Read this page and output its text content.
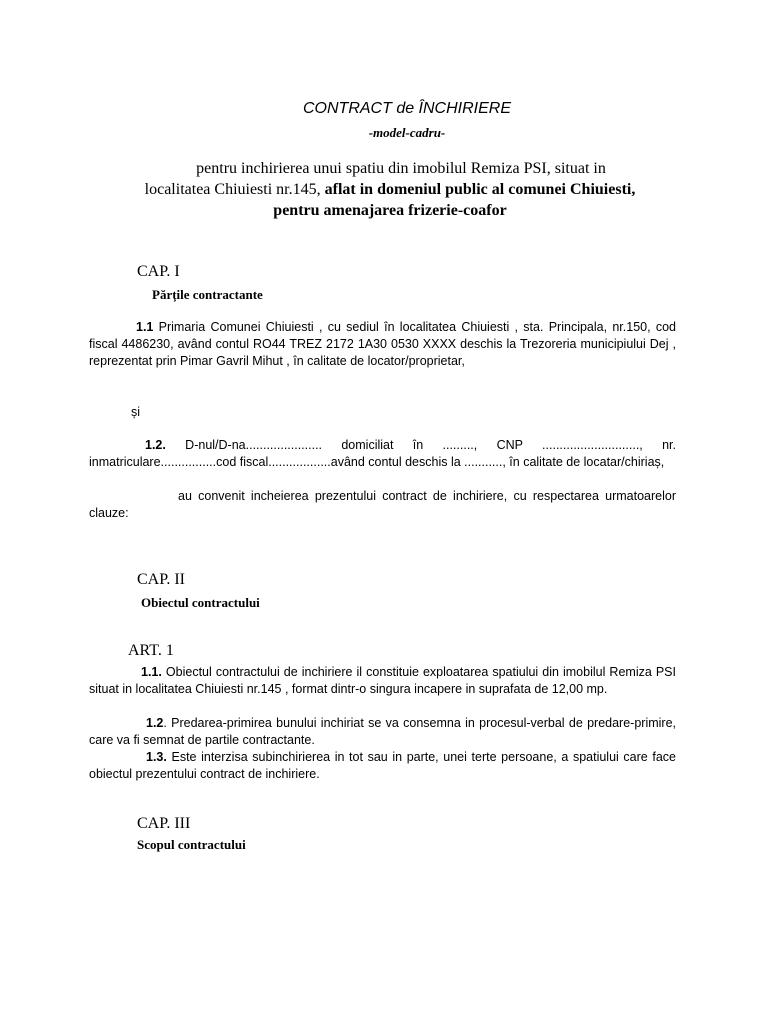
CONTRACT de ÎNCHIRIERE
-model-cadru-
pentru inchirierea unui spatiu din imobilul Remiza PSI, situat in
localitatea Chiuiesti nr.145, aflat in domeniul public al comunei Chiuiesti,
pentru amenajarea frizerie-coafor
CAP. I
Părțile contractante
1.1 Primaria Comunei Chiuiesti , cu sediul în localitatea Chiuiesti , sta. Principala, nr.150, cod fiscal 4486230, având contul RO44 TREZ 2172 1A30 0530 XXXX deschis la Trezoreria municipiului Dej , reprezentat prin Pimar Gavril Mihut , în calitate de locator/proprietar,
și
1.2. D-nul/D-na...................... domiciliat în ........., CNP ............................, nr. inmatriculare................cod fiscal..................având contul deschis la ..........., în calitate de locatar/chiriaș,
au convenit incheierea prezentului contract de inchiriere, cu respectarea urmatoarelor clauze:
CAP. II
Obiectul contractului
ART. 1
1.1. Obiectul contractului de inchiriere il constituie exploatarea spatiului din imobilul Remiza PSI situat in localitatea Chiuiesti nr.145 , format dintr-o singura incapere in suprafata de 12,00 mp.
1.2. Predarea-primirea bunului inchiriat se va consemna in procesul-verbal de predare-primire, care va fi semnat de partile contractante.
1.3. Este interzisa subinchirierea in tot sau in parte, unei terte persoane, a spatiului care face obiectul prezentului contract de inchiriere.
CAP. III
Scopul contractului
